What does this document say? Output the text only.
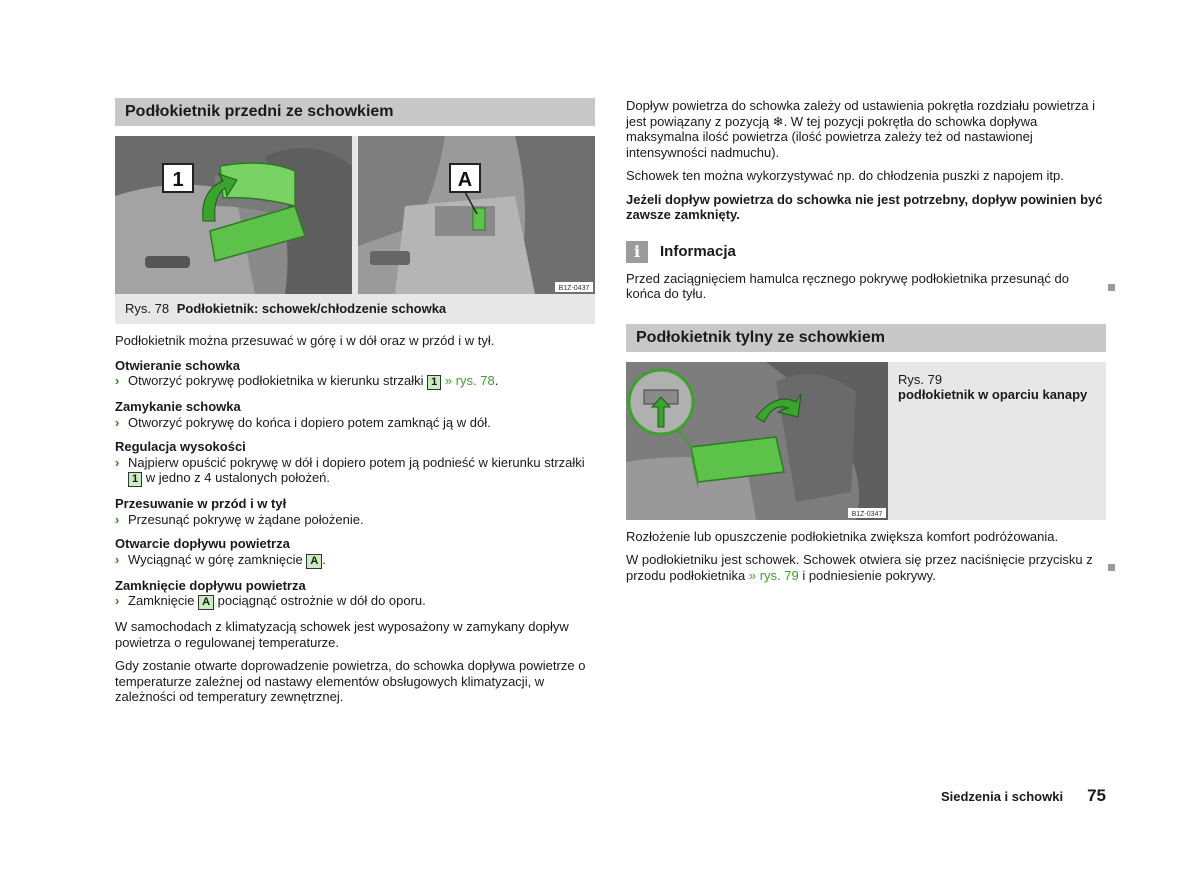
Podłokietnik przedni ze schowkiem
1	A
B1Z-0437
Rys. 78 Podłokietnik: schowek/chłodzenie schowka

Podłokietnik można przesuwać w górę i w dół oraz w przód i w tył.

Otwieranie schowka
› Otworzyć pokrywę podłokietnika w kierunku strzałki 1 » rys. 78.
Zamykanie schowka
› Otworzyć pokrywę do końca i dopiero potem zamknąć ją w dół.
Regulacja wysokości
› Najpierw opuścić pokrywę w dół i dopiero potem ją podnieść w kierunku strzałki 1 w jedno z 4 ustalonych położeń.
Przesuwanie w przód i w tył
› Przesunąć pokrywę w żądane położenie.
Otwarcie dopływu powietrza
› Wyciągnąć w górę zamknięcie A .
Zamknięcie dopływu powietrza
› Zamknięcie A pociągnąć ostrożnie w dół do oporu.

W samochodach z klimatyzacją schowek jest wyposażony w zamykany dopływ powietrza o regulowanej temperaturze.

Gdy zostanie otwarte doprowadzenie powietrza, do schowka dopływa powietrze o temperaturze zależnej od nastawy elementów obsługowych klimatyzacji, w zależności od temperatury zewnętrznej.

Dopływ powietrza do schowka zależy od ustawienia pokrętła rozdziału powietrza i jest powiązany z pozycją ❄. W tej pozycji pokrętła do schowka dopływa maksymalna ilość powietrza (ilość powietrza zależy też od nastawionej intensywności nadmuchu).

Schowek ten można wykorzystywać np. do chłodzenia puszki z napojem itp.

Jeżeli dopływ powietrza do schowka nie jest potrzebny, dopływ powinien być zawsze zamknięty.

i	Informacja

Przed zaciągnięciem hamulca ręcznego pokrywę podłokietnika przesunąć do końca do tyłu.

Podłokietnik tylny ze schowkiem
B1Z-0347
Rys. 79
podłokietnik w oparciu kanapy

Rozłożenie lub opuszczenie podłokietnika zwiększa komfort podróżowania.

W podłokietniku jest schowek. Schowek otwiera się przez naciśnięcie przycisku z przodu podłokietnika » rys. 79 i podniesienie pokrywy.

Siedzenia i schowki 75
